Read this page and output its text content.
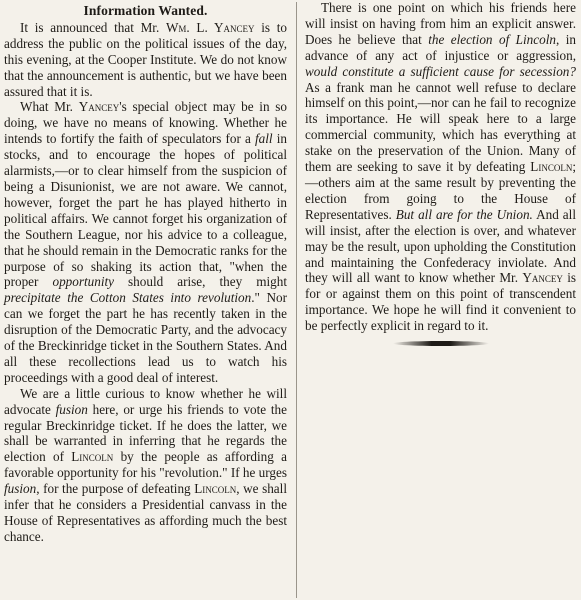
Information Wanted.

It is announced that Mr. Wm. L. Yancey is to address the public on the political issues of the day, this evening, at the Cooper Institute. We do not know that the announcement is authentic, but we have been assured that it is.

What Mr. Yancey's special object may be in so doing, we have no means of knowing. Whether he intends to fortify the faith of speculators for a fall in stocks, and to encourage the hopes of political alarmists,—or to clear himself from the suspicion of being a Disunionist, we are not aware. We cannot, however, forget the part he has played hitherto in political affairs. We cannot forget his organization of the Southern League, nor his advice to a colleague, that he should remain in the Democratic ranks for the purpose of so shaking its action that, "when the proper opportunity should arise, they might precipitate the Cotton States into revolution." Nor can we forget the part he has recently taken in the disruption of the Democratic Party, and the advocacy of the Breckinridge ticket in the Southern States. And all these recollections lead us to watch his proceedings with a good deal of interest.

We are a little curious to know whether he will advocate fusion here, or urge his friends to vote the regular Breckinridge ticket. If he does the latter, we shall be warranted in inferring that he regards the election of Lincoln by the people as affording a favorable opportunity for his "revolution." If he urges fusion, for the purpose of defeating Lincoln, we shall infer that he considers a Presidential canvass in the House of Representatives as affording much the best chance.

There is one point on which his friends here will insist on having from him an explicit answer. Does he believe that the election of Lincoln, in advance of any act of injustice or aggression, would constitute a sufficient cause for secession? As a frank man he cannot well refuse to declare himself on this point,—nor can he fail to recognize its importance. He will speak here to a large commercial community, which has everything at stake on the preservation of the Union. Many of them are seeking to save it by defeating Lincoln;—others aim at the same result by preventing the election from going to the House of Representatives. But all are for the Union. And all will insist, after the election is over, and whatever may be the result, upon upholding the Constitution and maintaining the Confederacy inviolate. And they will all want to know whether Mr. Yancey is for or against them on this point of transcendent importance. We hope he will find it convenient to be perfectly explicit in regard to it.
